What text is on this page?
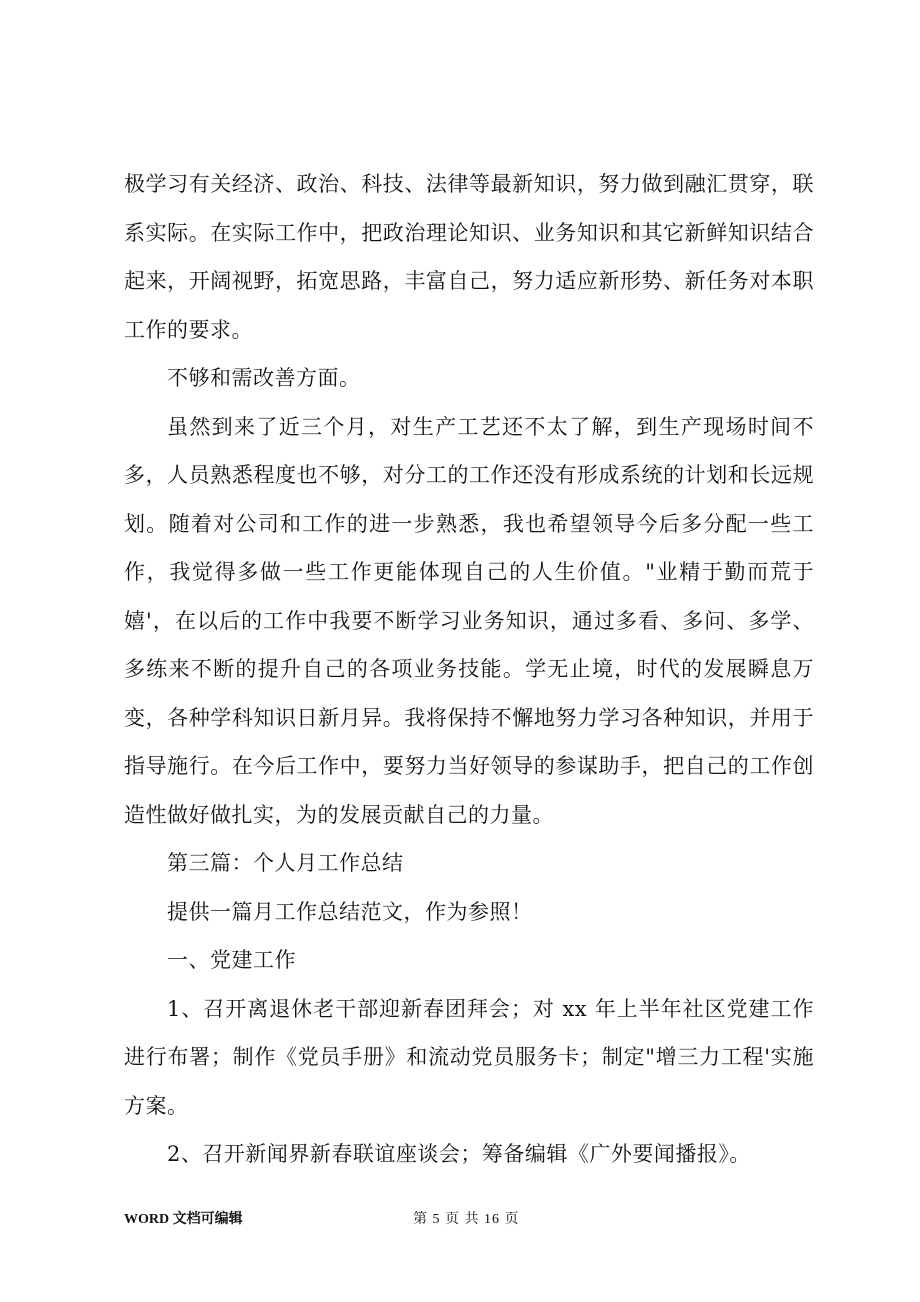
极学习有关经济、政治、科技、法律等最新知识，努力做到融汇贯穿，联系实际。在实际工作中，把政治理论知识、业务知识和其它新鲜知识结合起来，开阔视野，拓宽思路，丰富自己，努力适应新形势、新任务对本职工作的要求。

不够和需改善方面。

虽然到来了近三个月，对生产工艺还不太了解，到生产现场时间不多，人员熟悉程度也不够，对分工的工作还没有形成系统的计划和长远规划。随着对公司和工作的进一步熟悉，我也希望领导今后多分配一些工作，我觉得多做一些工作更能体现自己的人生价值。"业精于勤而荒于嬉'，在以后的工作中我要不断学习业务知识，通过多看、多问、多学、多练来不断的提升自己的各项业务技能。学无止境，时代的发展瞬息万变，各种学科知识日新月异。我将保持不懈地努力学习各种知识，并用于指导施行。在今后工作中，要努力当好领导的参谋助手，把自己的工作创造性做好做扎实，为的发展贡献自己的力量。

第三篇：个人月工作总结

提供一篇月工作总结范文，作为参照！

一、党建工作

1、召开离退休老干部迎新春团拜会；对 xx 年上半年社区党建工作进行布署；制作《党员手册》和流动党员服务卡；制定"增三力工程'实施方案。

2、召开新闻界新春联谊座谈会；筹备编辑《广外要闻播报》。

WORD 文档可编辑	第 5 页 共 16 页
